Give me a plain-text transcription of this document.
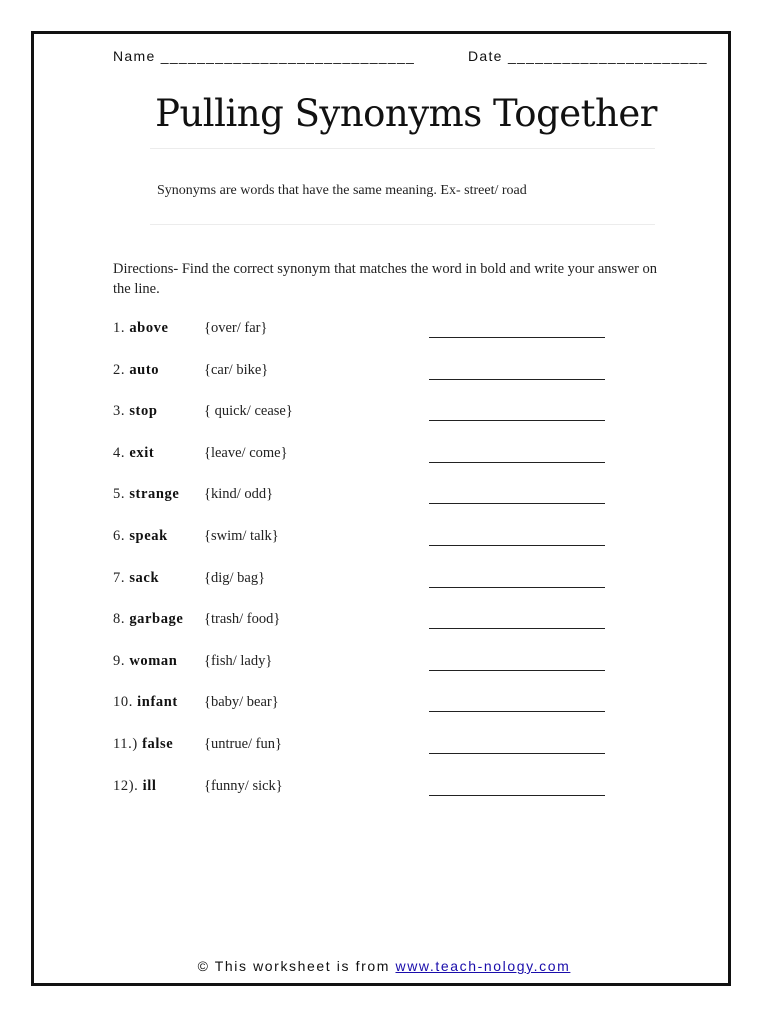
Name ____________________________	Date ______________________
Pulling Synonyms Together
Synonyms are words that have the same meaning. Ex- street/ road
Directions- Find the correct synonym that matches the word in bold and write your answer on the line.
1. above {over/ far}
2. auto	{car/ bike}
3. stop	{ quick/ cease}
4. exit	{leave/ come}
5. strange {kind/ odd}
6. speak {swim/ talk}
7. sack	{dig/ bag}
8. garbage {trash/ food}
9. woman {fish/ lady}
10. infant {baby/ bear}
11.) false {untrue/ fun}
12). ill	{funny/ sick}
© This worksheet is from www.teach-nology.com
